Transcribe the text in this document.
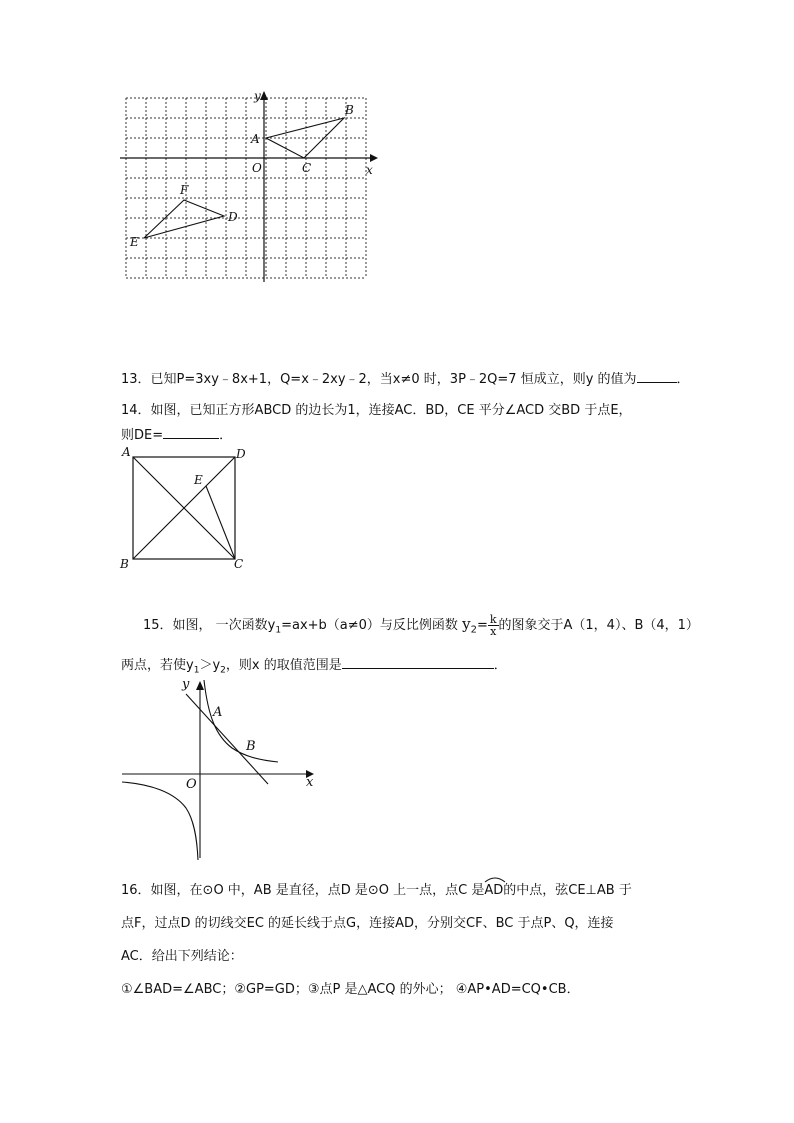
y
x
O
A
B
C
D
E
F
13．已知P=3xy﹣8x+1，Q=x﹣2xy﹣2，当x≠0 时，3P﹣2Q=7 恒成立，则y 的值为	．
14．如图，已知正方形ABCD 的边长为1，连接AC．BD，CE 平分∠ACD 交BD 于点E，
则DE=	．
A	D
B	C
E
15．如图， 一次函数$y_1=ax+b(a\ne 0)$与反比例函数 $y_2= \frac{k}{x}$ 的图象交于A（1，4）、B（4，1）
两点，若使$y_1>y_2$，则x 的取值范围是	．
y
x
O
A
B
16．如图，在⊙O 中，AB 是直径，点D 是⊙O 上一点，点C 是
AD的中点，弦CE⊥AB 于
点F，过点D 的切线交EC 的延长线于点G，连接AD，分别交CF、BC 于点P、Q，连接
AC．给出下列结论：
①∠BAD=∠ABC；②GP=GD；③点P 是△ACQ 的外心； ④AP•AD=CQ•CB．
